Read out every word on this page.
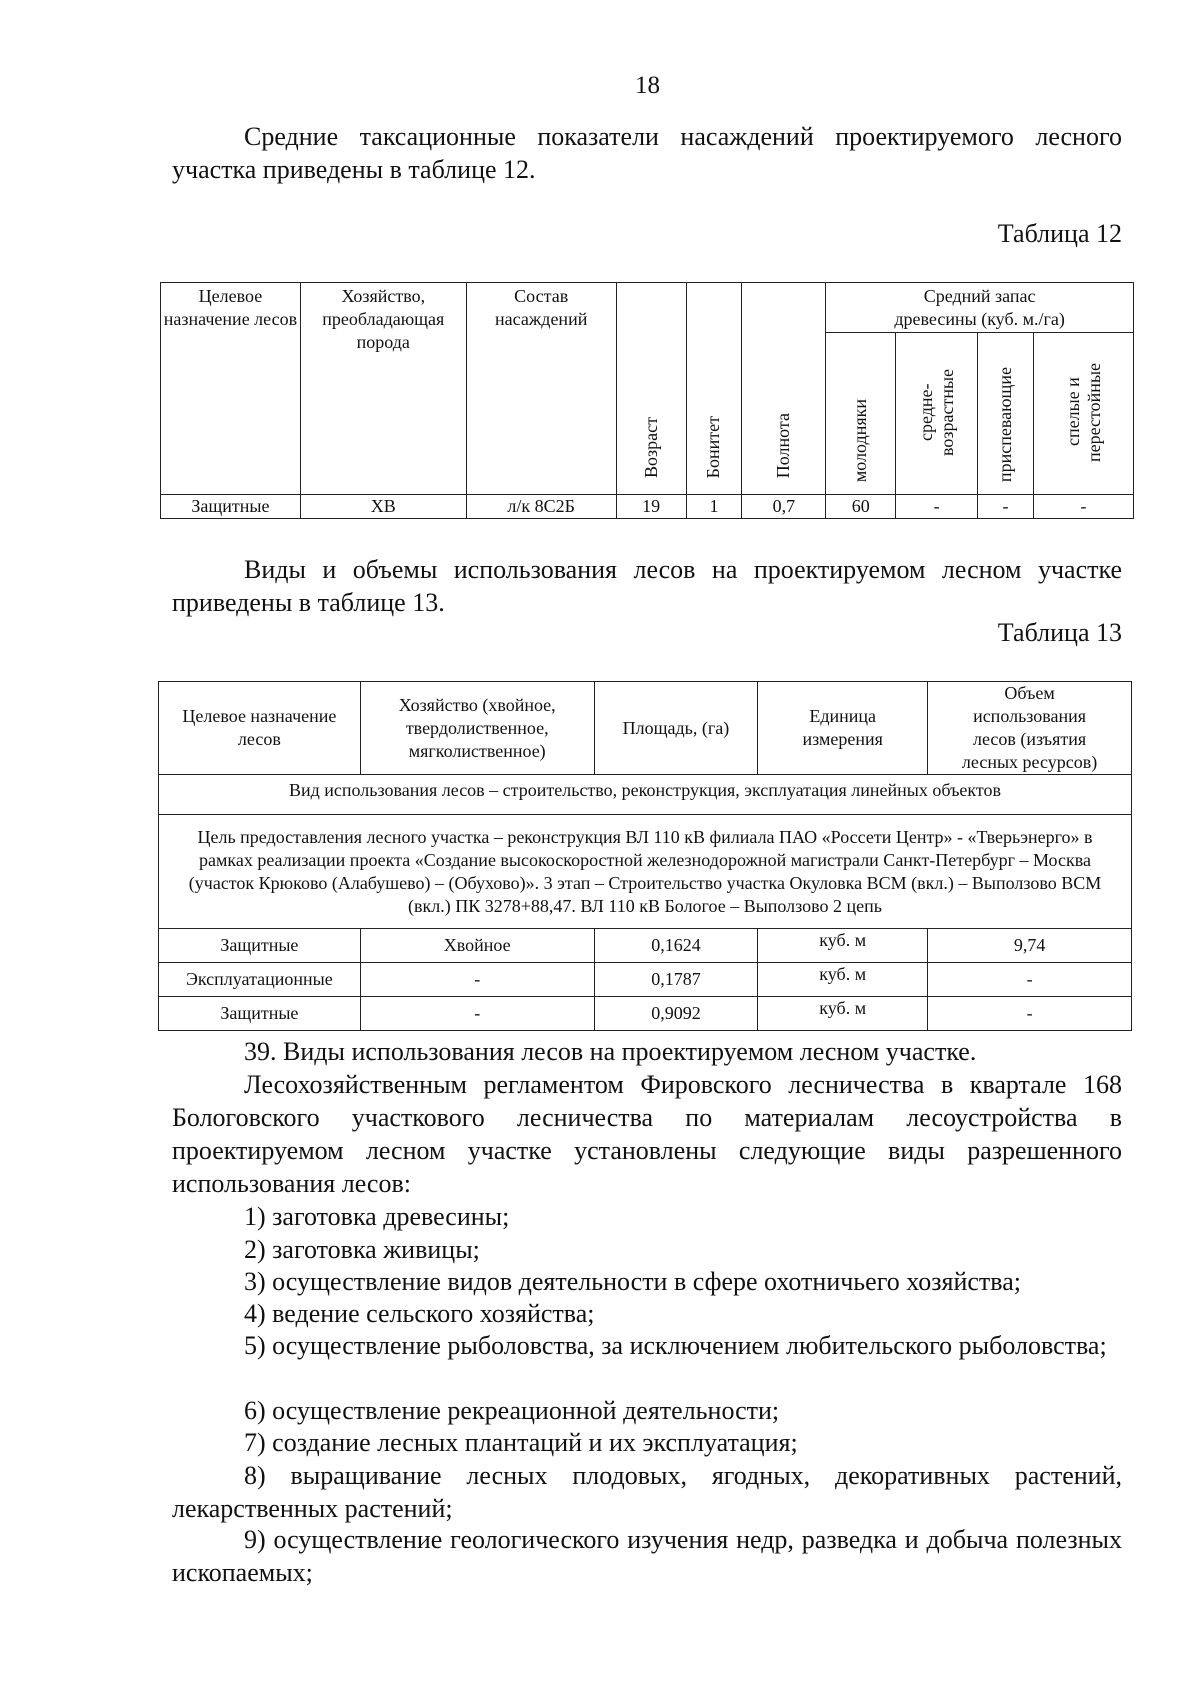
18
Средние таксационные показатели насаждений проектируемого лесного участка приведены в таблице 12.
Таблица 12
Целевое назначение лесов	Хозяйство, преобладающая порода	Состав насаждений	Возраст	Бонитет	Полнота	Средний запас древесины (куб. м./га)			
						молодняки	средне-возрастные	приспевающие	спелые и перестойные
Защитные	ХВ	л/к 8С2Б	19	1	0,7	60	-	-	-
Виды и объемы использования лесов на проектируемом лесном участке приведены в таблице 13.
Таблица 13
Целевое назначение лесов	Хозяйство (хвойное, твердолиственное, мягколиственное)	Площадь, (га)	Единица измерения	Объем использования лесов (изъятия лесных ресурсов)
Вид использования лесов – строительство, реконструкция, эксплуатация линейных объектов				
Цель предоставления лесного участка – реконструкция ВЛ 110 кВ филиала ПАО «Россети Центр» - «Тверьэнерго» в рамках реализации проекта «Создание высокоскоростной железнодорожной магистрали Санкт-Петербург – Москва (участок Крюково (Алабушево) – (Обухово)». 3 этап – Строительство участка Окуловка ВСМ (вкл.) – Выползово ВСМ (вкл.) ПК 3278+88,47. ВЛ 110 кВ Бологое – Выползово 2 цепь				
Защитные	Хвойное	0,1624	куб. м	9,74
Эксплуатационные	-	0,1787	куб. м	-
Защитные	-	0,9092	куб. м	-
39. Виды использования лесов на проектируемом лесном участке.
Лесохозяйственным регламентом Фировского лесничества в квартале 168 Бологовского участкового лесничества по материалам лесоустройства в проектируемом лесном участке установлены следующие виды разрешенного использования лесов:
1) заготовка древесины;
2) заготовка живицы;
3) осуществление видов деятельности в сфере охотничьего хозяйства;
4) ведение сельского хозяйства;
5) осуществление рыболовства, за исключением любительского рыболовства;
6) осуществление рекреационной деятельности;
7) создание лесных плантаций и их эксплуатация;
8) выращивание лесных плодовых, ягодных, декоративных растений, лекарственных растений;
9) осуществление геологического изучения недр, разведка и добыча полезных ископаемых;
